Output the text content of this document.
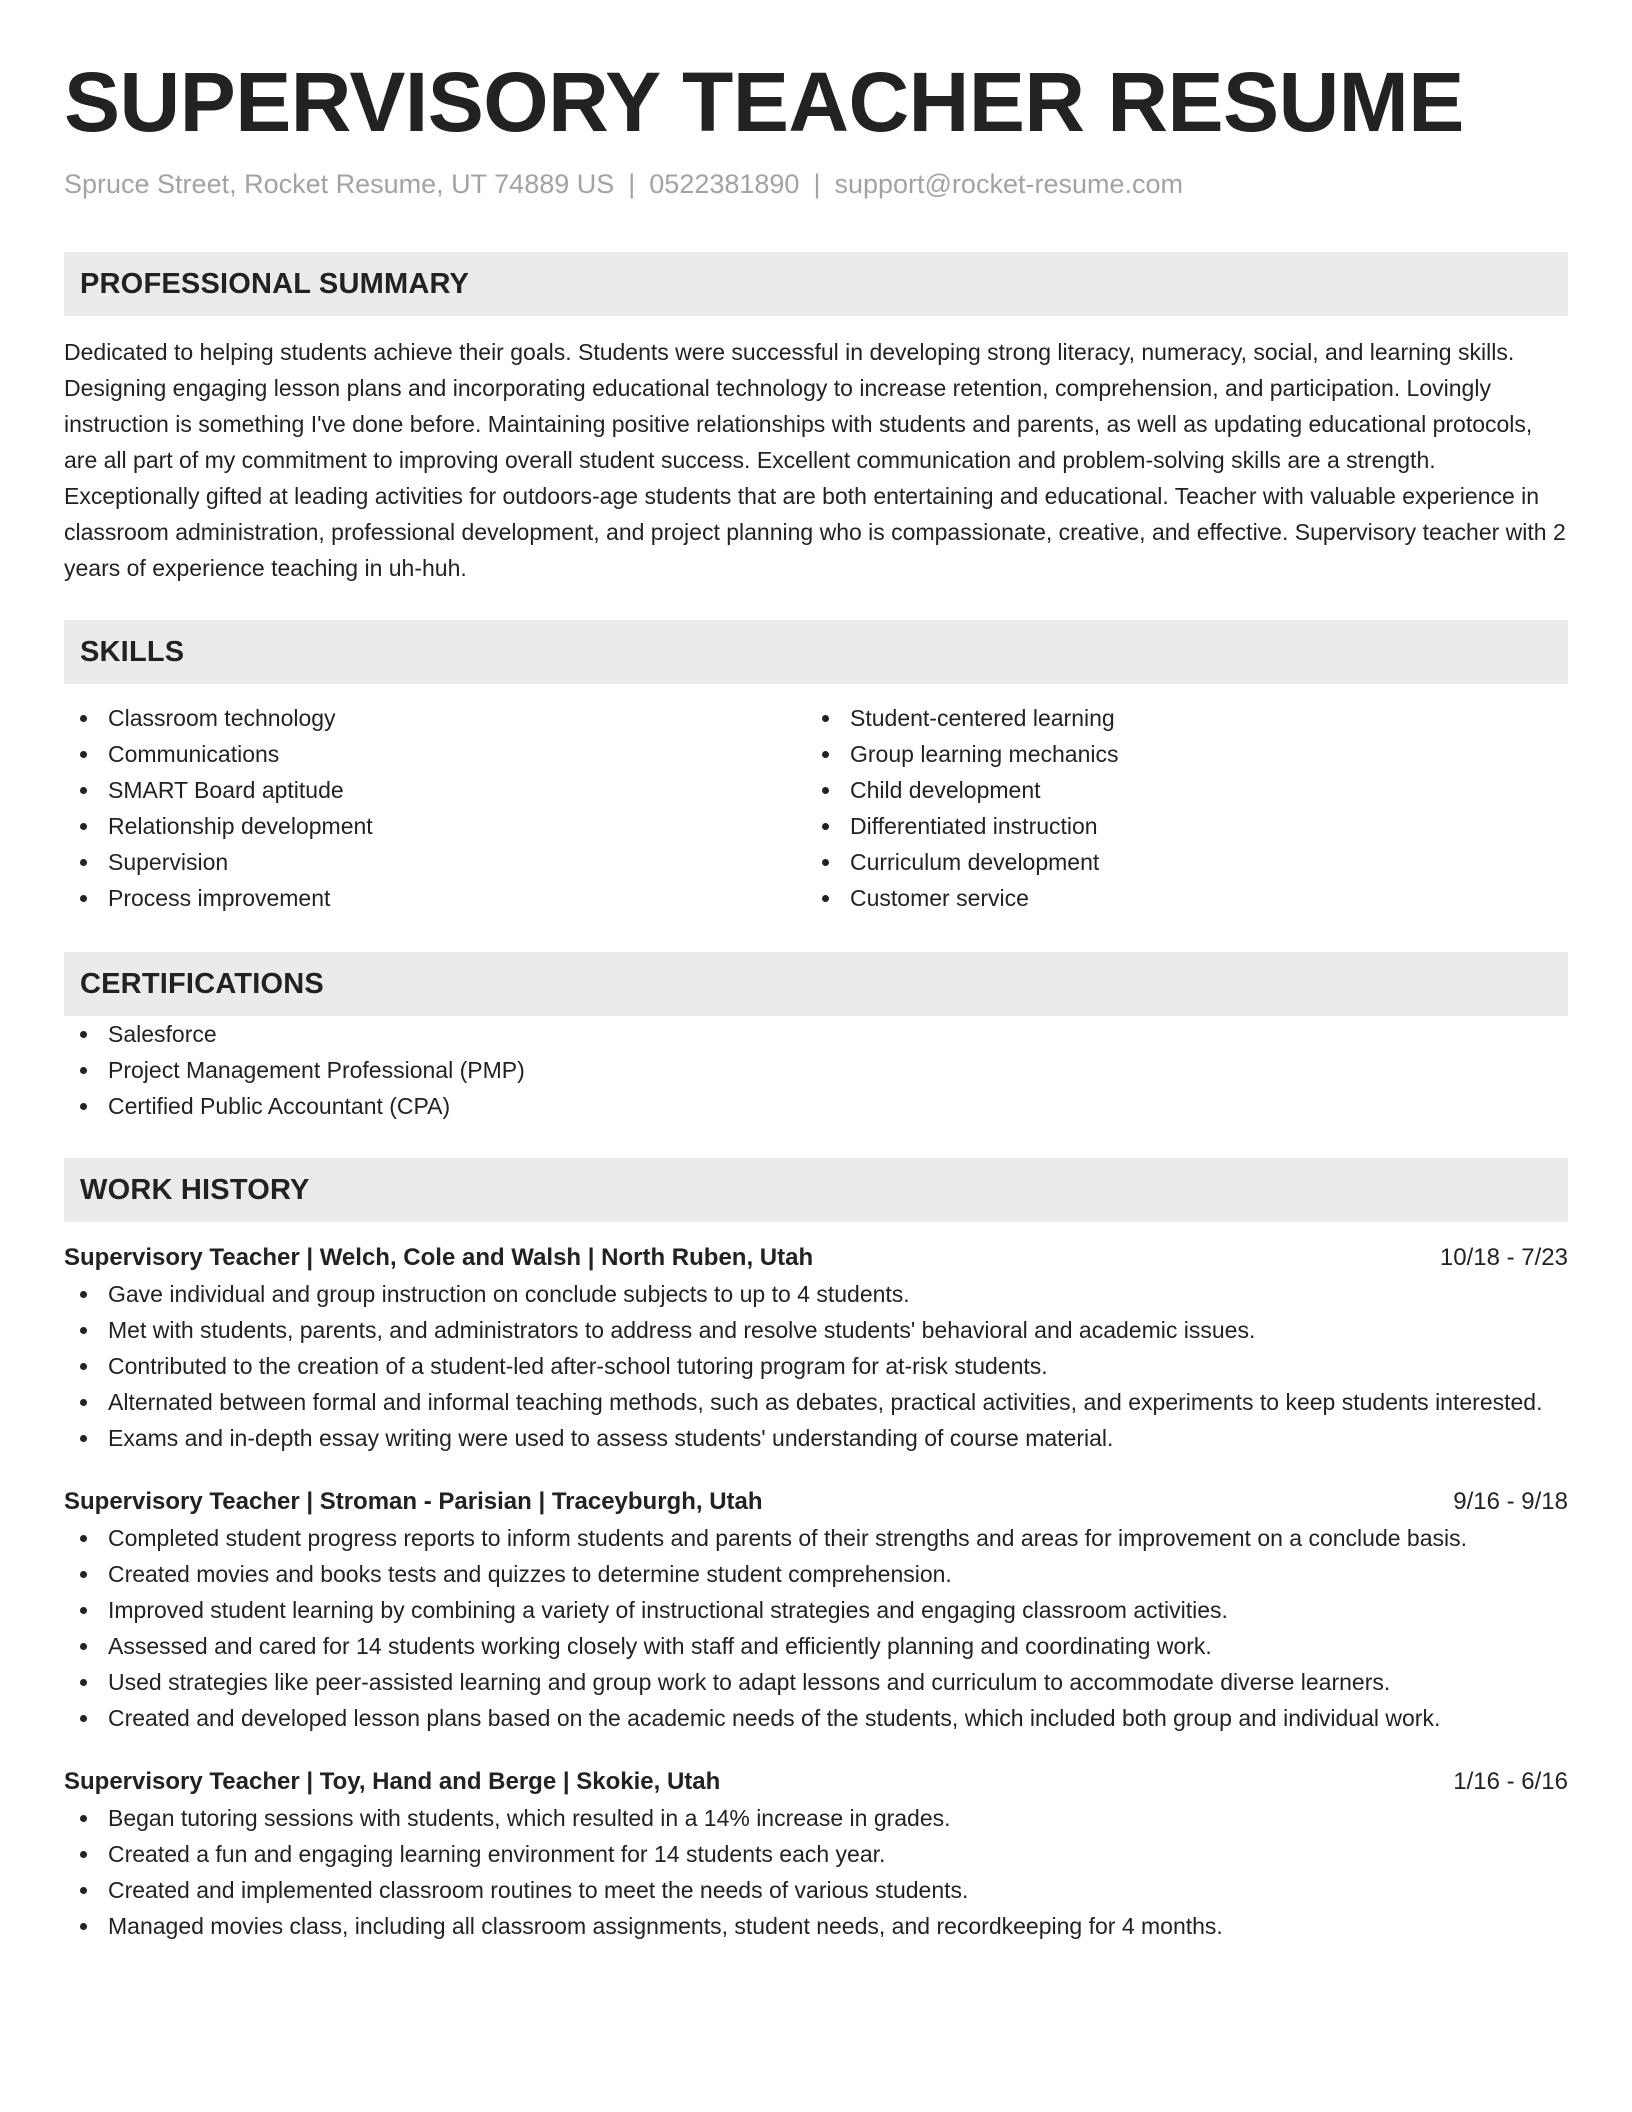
SUPERVISORY TEACHER RESUME
Spruce Street, Rocket Resume, UT 74889 US | 0522381890 | support@rocket-resume.com
PROFESSIONAL SUMMARY

Dedicated to helping students achieve their goals. Students were successful in developing strong literacy, numeracy, social, and learning skills. Designing engaging lesson plans and incorporating educational technology to increase retention, comprehension, and participation. Lovingly instruction is something I've done before. Maintaining positive relationships with students and parents, as well as updating educational protocols, are all part of my commitment to improving overall student success. Excellent communication and problem-solving skills are a strength. Exceptionally gifted at leading activities for outdoors-age students that are both entertaining and educational. Teacher with valuable experience in classroom administration, professional development, and project planning who is compassionate, creative, and effective. Supervisory teacher with 2 years of experience teaching in uh-huh.

SKILLS
Classroom technology
Communications
SMART Board aptitude
Relationship development
Supervision
Process improvement
Student-centered learning
Group learning mechanics
Child development
Differentiated instruction
Curriculum development
Customer service
CERTIFICATIONS
Salesforce
Project Management Professional (PMP)
Certified Public Accountant (CPA)
WORK HISTORY
Supervisory Teacher | Welch, Cole and Walsh | North Ruben, Utah	10/18 - 7/23
Gave individual and group instruction on conclude subjects to up to 4 students.
Met with students, parents, and administrators to address and resolve students' behavioral and academic issues.
Contributed to the creation of a student-led after-school tutoring program for at-risk students.
Alternated between formal and informal teaching methods, such as debates, practical activities, and experiments to keep students interested.
Exams and in-depth essay writing were used to assess students' understanding of course material.
Supervisory Teacher | Stroman - Parisian | Traceyburgh, Utah	9/16 - 9/18
Completed student progress reports to inform students and parents of their strengths and areas for improvement on a conclude basis.
Created movies and books tests and quizzes to determine student comprehension.
Improved student learning by combining a variety of instructional strategies and engaging classroom activities.
Assessed and cared for 14 students working closely with staff and efficiently planning and coordinating work.
Used strategies like peer-assisted learning and group work to adapt lessons and curriculum to accommodate diverse learners.
Created and developed lesson plans based on the academic needs of the students, which included both group and individual work.
Supervisory Teacher | Toy, Hand and Berge | Skokie, Utah	1/16 - 6/16
Began tutoring sessions with students, which resulted in a 14% increase in grades.
Created a fun and engaging learning environment for 14 students each year.
Created and implemented classroom routines to meet the needs of various students.
Managed movies class, including all classroom assignments, student needs, and recordkeeping for 4 months.
